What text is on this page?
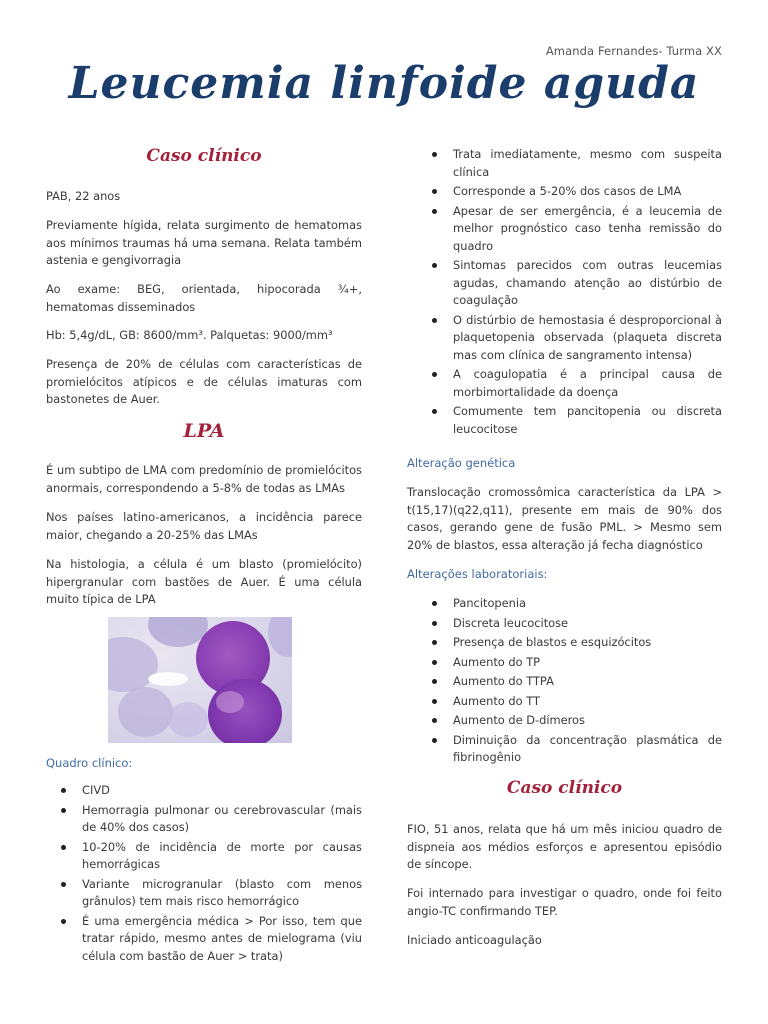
Amanda Fernandes- Turma XX
Leucemia linfoide aguda
Caso clínico

PAB, 22 anos

Previamente hígida, relata surgimento de hematomas aos mínimos traumas há uma semana. Relata também astenia e gengivorragia

Ao exame: BEG, orientada, hipocorada ¾+, hematomas disseminados

Hb: 5,4g/dL, GB: 8600/mm³. Palquetas: 9000/mm³

Presença de 20% de células com características de promielócitos atípicos e de células imaturas com bastonetes de Auer.

LPA

É um subtipo de LMA com predomínio de promielócitos anormais, correspondendo a 5-8% de todas as LMAs

Nos países latino-americanos, a incidência parece maior, chegando a 20-25% das LMAs

Na histologia, a célula é um blasto (promielócito) hipergranular com bastões de Auer. É uma célula muito típica de LPA

Quadro clínico:
CIVD
Hemorragia pulmonar ou cerebrovascular (mais de 40% dos casos)
10-20% de incidência de morte por causas hemorrágicas
Variante microgranular (blasto com menos grânulos) tem mais risco hemorrágico
É uma emergência médica > Por isso, tem que tratar rápido, mesmo antes de mielograma (viu célula com bastão de Auer > trata)
Trata imediatamente, mesmo com suspeita clínica
Corresponde a 5-20% dos casos de LMA
Apesar de ser emergência, é a leucemia de melhor prognóstico caso tenha remissão do quadro
Sintomas parecidos com outras leucemias agudas, chamando atenção ao distúrbio de coagulação
O distúrbio de hemostasia é desproporcional à plaquetopenia observada (plaqueta discreta mas com clínica de sangramento intensa)
A coagulopatia é a principal causa de morbimortalidade da doença
Comumente tem pancitopenia ou discreta leucocitose
Alteração genética

Translocação cromossômica característica da LPA > t(15,17)(q22,q11), presente em mais de 90% dos casos, gerando gene de fusão PML. > Mesmo sem 20% de blastos, essa alteração já fecha diagnóstico

Alterações laboratoriais:
Pancitopenia
Discreta leucocitose
Presença de blastos e esquizócitos
Aumento do TP
Aumento do TTPA
Aumento do TT
Aumento de D-dímeros
Diminuição da concentração plasmática de fibrinogênio
Caso clínico

FIO, 51 anos, relata que há um mês iniciou quadro de dispneia aos médios esforços e apresentou episódio de síncope.

Foi internado para investigar o quadro, onde foi feito angio-TC confirmando TEP.

Iniciado anticoagulação
